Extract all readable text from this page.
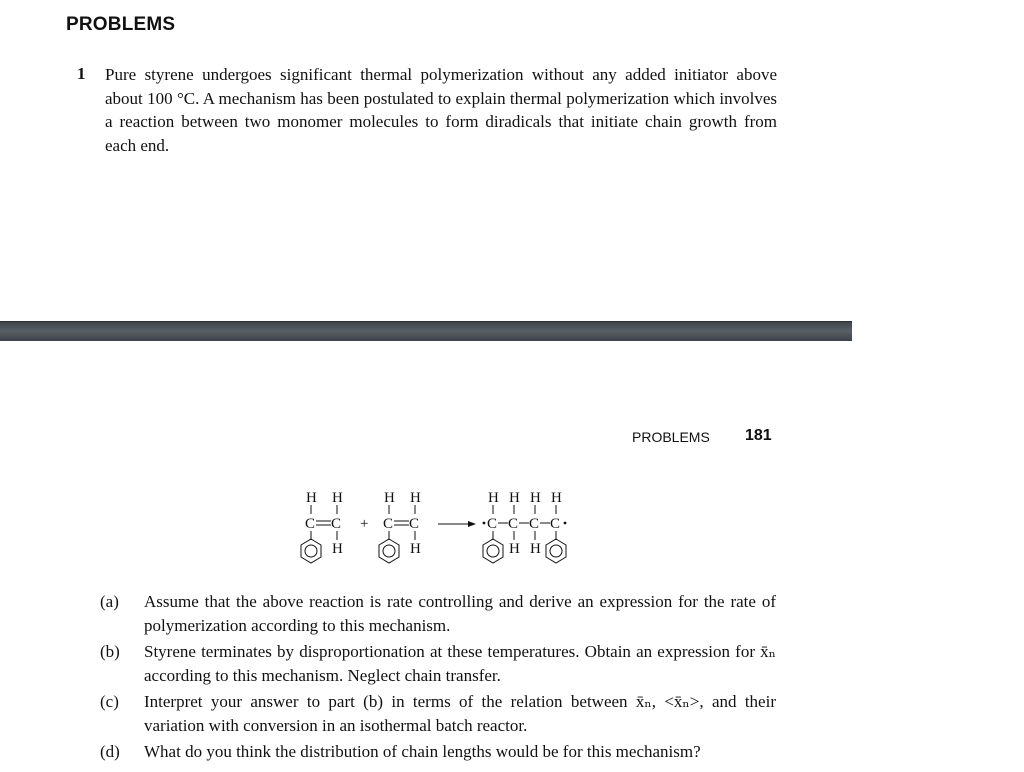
PROBLEMS
1 Pure styrene undergoes significant thermal polymerization without any added initiator above about 100 °C. A mechanism has been postulated to explain thermal polymerization which involves a reaction between two monomer molecules to form diradicals that initiate chain growth from each end.
PROBLEMS 181
H H
C C
H
+
H H
C C
H
H H H H
C C C C
H H
(a)	Assume that the above reaction is rate controlling and derive an expression for the rate of polymerization according to this mechanism.
(b)	Styrene terminates by disproportionation at these temperatures. Obtain an expression for x̄ₙ according to this mechanism. Neglect chain transfer.
(c)	Interpret your answer to part (b) in terms of the relation between x̄ₙ, <x̄ₙ>, and their variation with conversion in an isothermal batch reactor.
(d)	What do you think the distribution of chain lengths would be for this mechanism?
